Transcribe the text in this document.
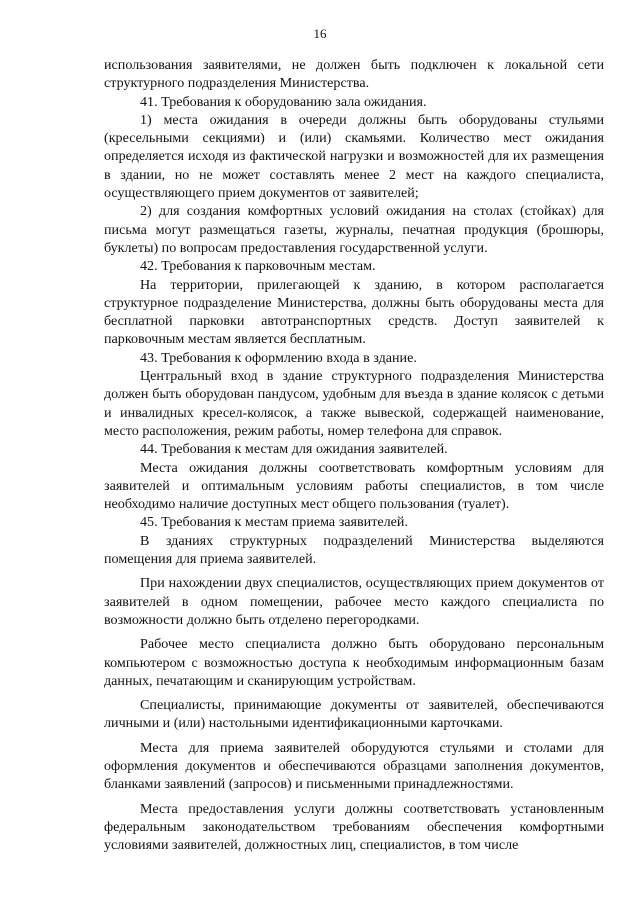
16

использования заявителями, не должен быть подключен к локальной сети структурного подразделения Министерства.

41. Требования к оборудованию зала ожидания.

1) места ожидания в очереди должны быть оборудованы стульями (кресельными секциями) и (или) скамьями. Количество мест ожидания определяется исходя из фактической нагрузки и возможностей для их размещения в здании, но не может составлять менее 2 мест на каждого специалиста, осуществляющего прием документов от заявителей;

2) для создания комфортных условий ожидания на столах (стойках) для письма могут размещаться газеты, журналы, печатная продукция (брошюры, буклеты) по вопросам предоставления государственной услуги.

42. Требования к парковочным местам.

На территории, прилегающей к зданию, в котором располагается структурное подразделение Министерства, должны быть оборудованы места для бесплатной парковки автотранспортных средств. Доступ заявителей к парковочным местам является бесплатным.

43. Требования к оформлению входа в здание.

Центральный вход в здание структурного подразделения Министерства должен быть оборудован пандусом, удобным для въезда в здание колясок с детьми и инвалидных кресел-колясок, а также вывеской, содержащей наименование, место расположения, режим работы, номер телефона для справок.

44. Требования к местам для ожидания заявителей.

Места ожидания должны соответствовать комфортным условиям для заявителей и оптимальным условиям работы специалистов, в том числе необходимо наличие доступных мест общего пользования (туалет).

45. Требования к местам приема заявителей.

В зданиях структурных подразделений Министерства выделяются помещения для приема заявителей.

При нахождении двух специалистов, осуществляющих прием документов от заявителей в одном помещении, рабочее место каждого специалиста по возможности должно быть отделено перегородками.

Рабочее место специалиста должно быть оборудовано персональным компьютером с возможностью доступа к необходимым информационным базам данных, печатающим и сканирующим устройствам.

Специалисты, принимающие документы от заявителей, обеспечиваются личными и (или) настольными идентификационными карточками.

Места для приема заявителей оборудуются стульями и столами для оформления документов и обеспечиваются образцами заполнения документов, бланками заявлений (запросов) и письменными принадлежностями.

Места предоставления услуги должны соответствовать установленным федеральным законодательством требованиям обеспечения комфортными условиями заявителей, должностных лиц, специалистов, в том числе
